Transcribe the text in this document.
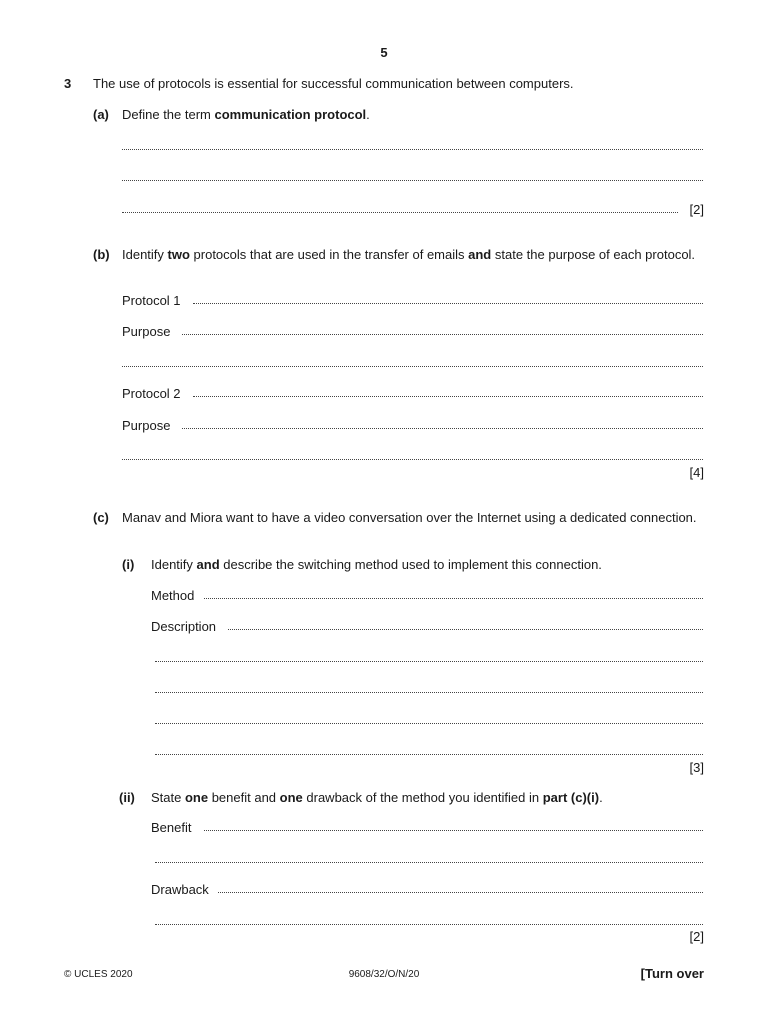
5
3 The use of protocols is essential for successful communication between computers.
(a) Define the term communication protocol.
[2]
(b) Identify two protocols that are used in the transfer of emails and state the purpose of each protocol.
Protocol 1
Purpose
Protocol 2
Purpose
[4]
(c) Manav and Miora want to have a video conversation over the Internet using a dedicated connection.
(i) Identify and describe the switching method used to implement this connection.
Method
Description
[3]
(ii) State one benefit and one drawback of the method you identified in part (c)(i).
Benefit
Drawback
[2]
© UCLES 2020	9608/32/O/N/20	[Turn over
